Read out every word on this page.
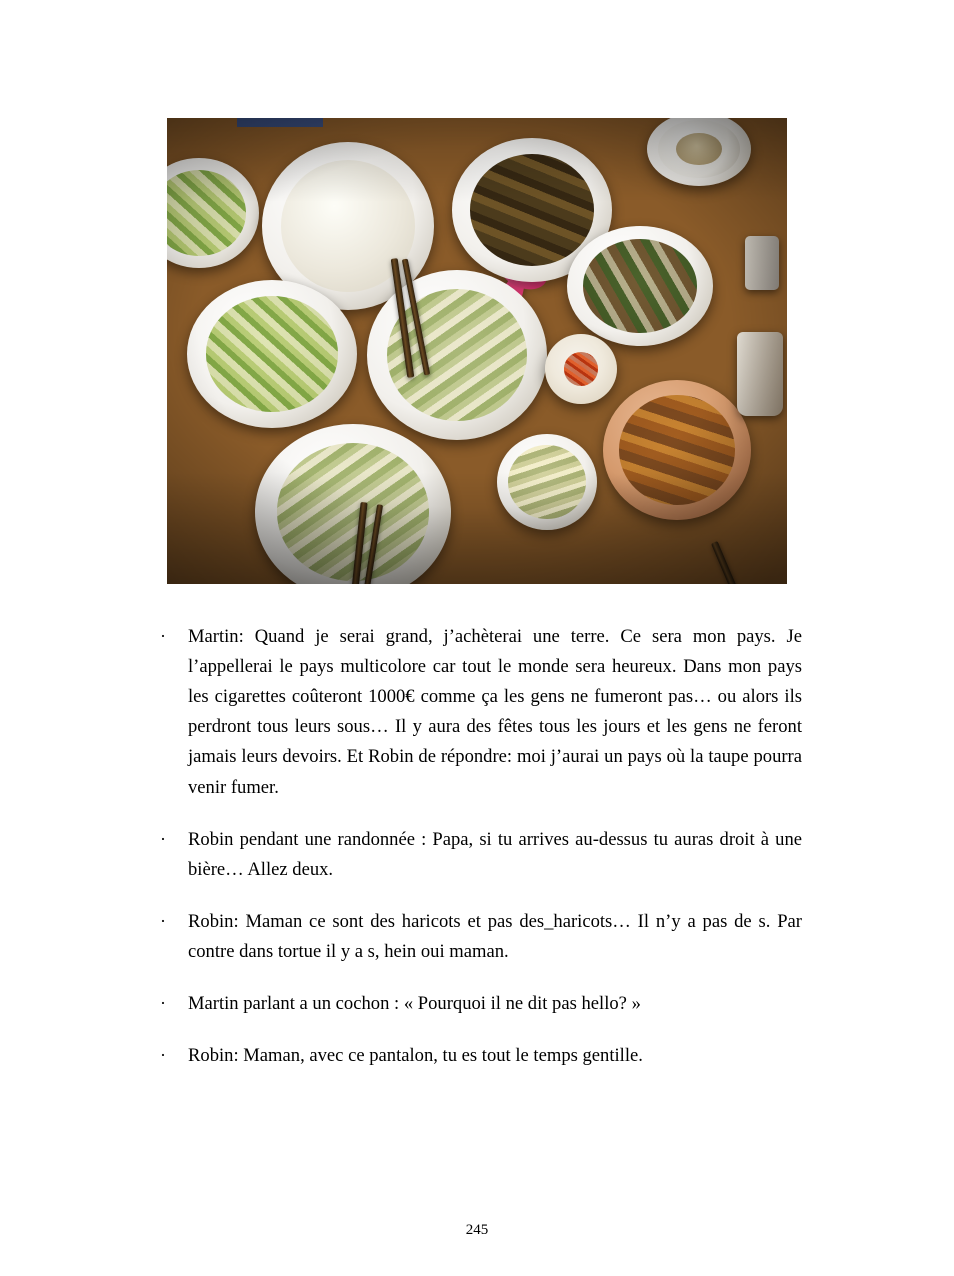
· Martin: Quand je serai grand, j’achèterai une terre. Ce sera mon pays. Je l’appellerai le pays multicolore car tout le monde sera heureux. Dans mon pays les cigarettes coûteront 1000€ comme ça les gens ne fumeront pas… ou alors ils perdront tous leurs sous… Il y aura des fêtes tous les jours et les gens ne feront jamais leurs devoirs. Et Robin de répondre: moi j’aurai un pays où la taupe pourra venir fumer.
· Robin pendant une randonnée : Papa, si tu arrives au-dessus tu auras droit à une bière… Allez deux.
· Robin: Maman ce sont des haricots et pas des_haricots… Il n’y a pas de s. Par contre dans tortue il y a s, hein oui maman.
· Martin parlant a un cochon : « Pourquoi il ne dit pas hello? »
· Robin: Maman, avec ce pantalon, tu es tout le temps gentille.
245
